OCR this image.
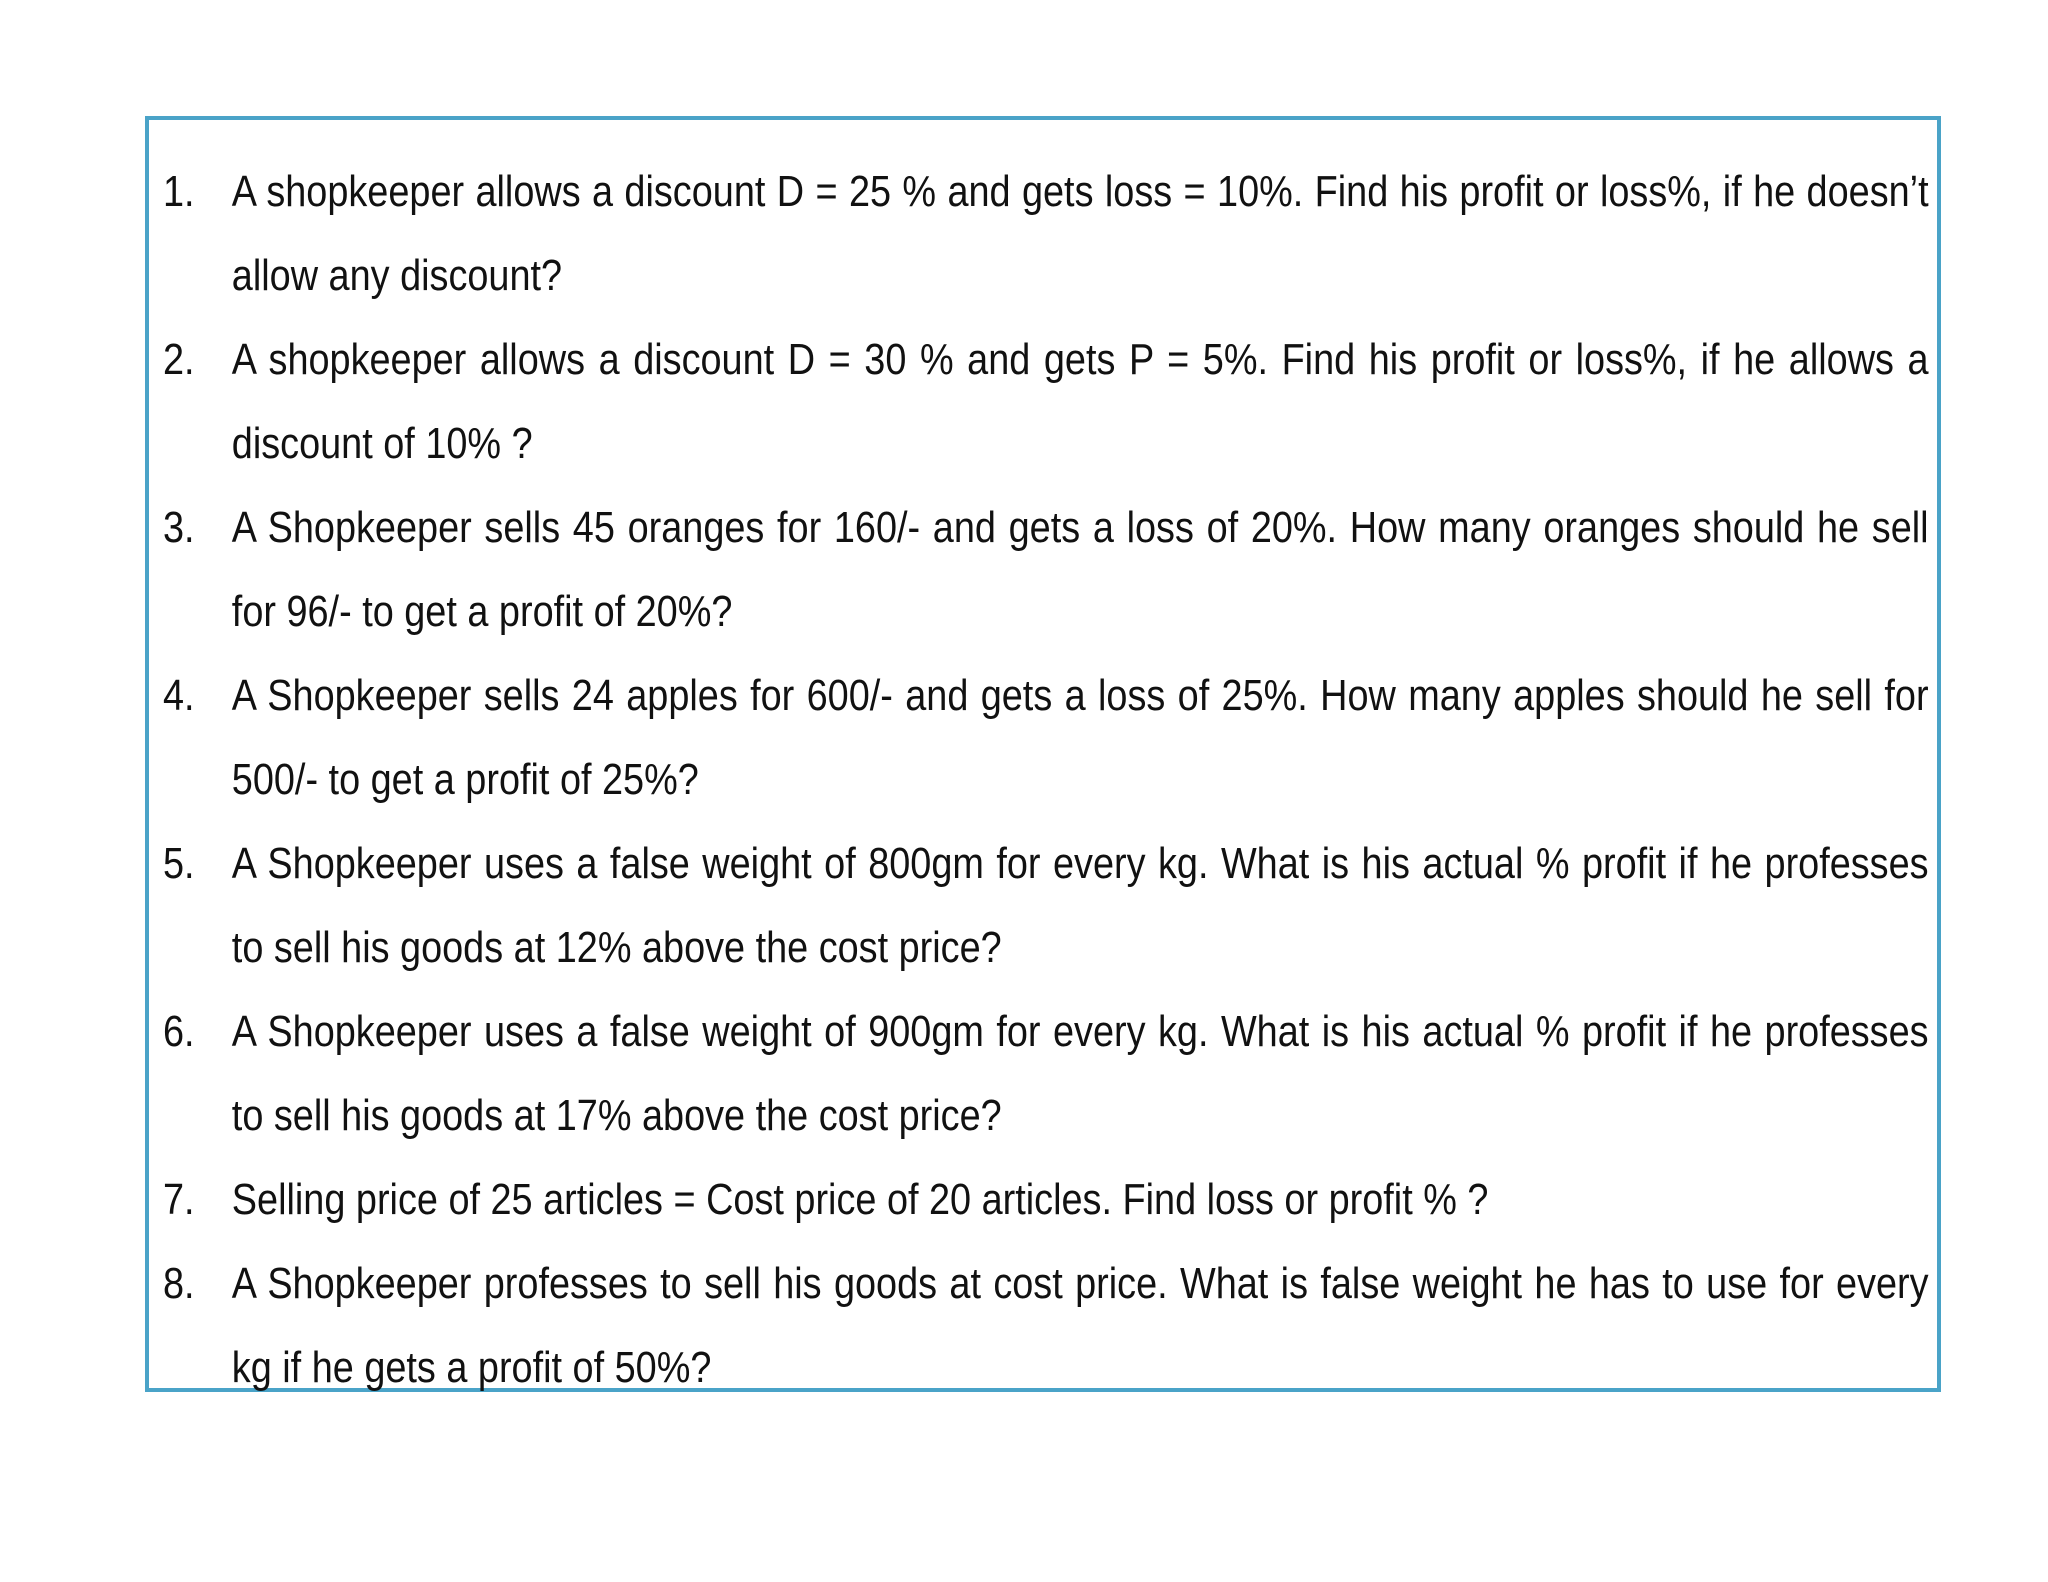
1. A shopkeeper allows a discount D = 25 % and gets loss = 10%. Find his profit or loss%, if he doesn’t allow any discount?
2. A shopkeeper allows a discount D = 30 % and gets P = 5%. Find his profit or loss%, if he allows a discount of 10% ?
3. A Shopkeeper sells 45 oranges for 160/- and gets a loss of 20%. How many oranges should he sell for 96/- to get a profit of 20%?
4. A Shopkeeper sells 24 apples for 600/- and gets a loss of 25%. How many apples should he sell for 500/- to get a profit of 25%?
5. A Shopkeeper uses a false weight of 800gm for every kg. What is his actual % profit if he professes to sell his goods at 12% above the cost price?
6. A Shopkeeper uses a false weight of 900gm for every kg. What is his actual % profit if he professes to sell his goods at 17% above the cost price?
7. Selling price of 25 articles = Cost price of 20 articles. Find loss or profit % ?
8. A Shopkeeper professes to sell his goods at cost price. What is false weight he has to use for every kg if he gets a profit of 50%?
